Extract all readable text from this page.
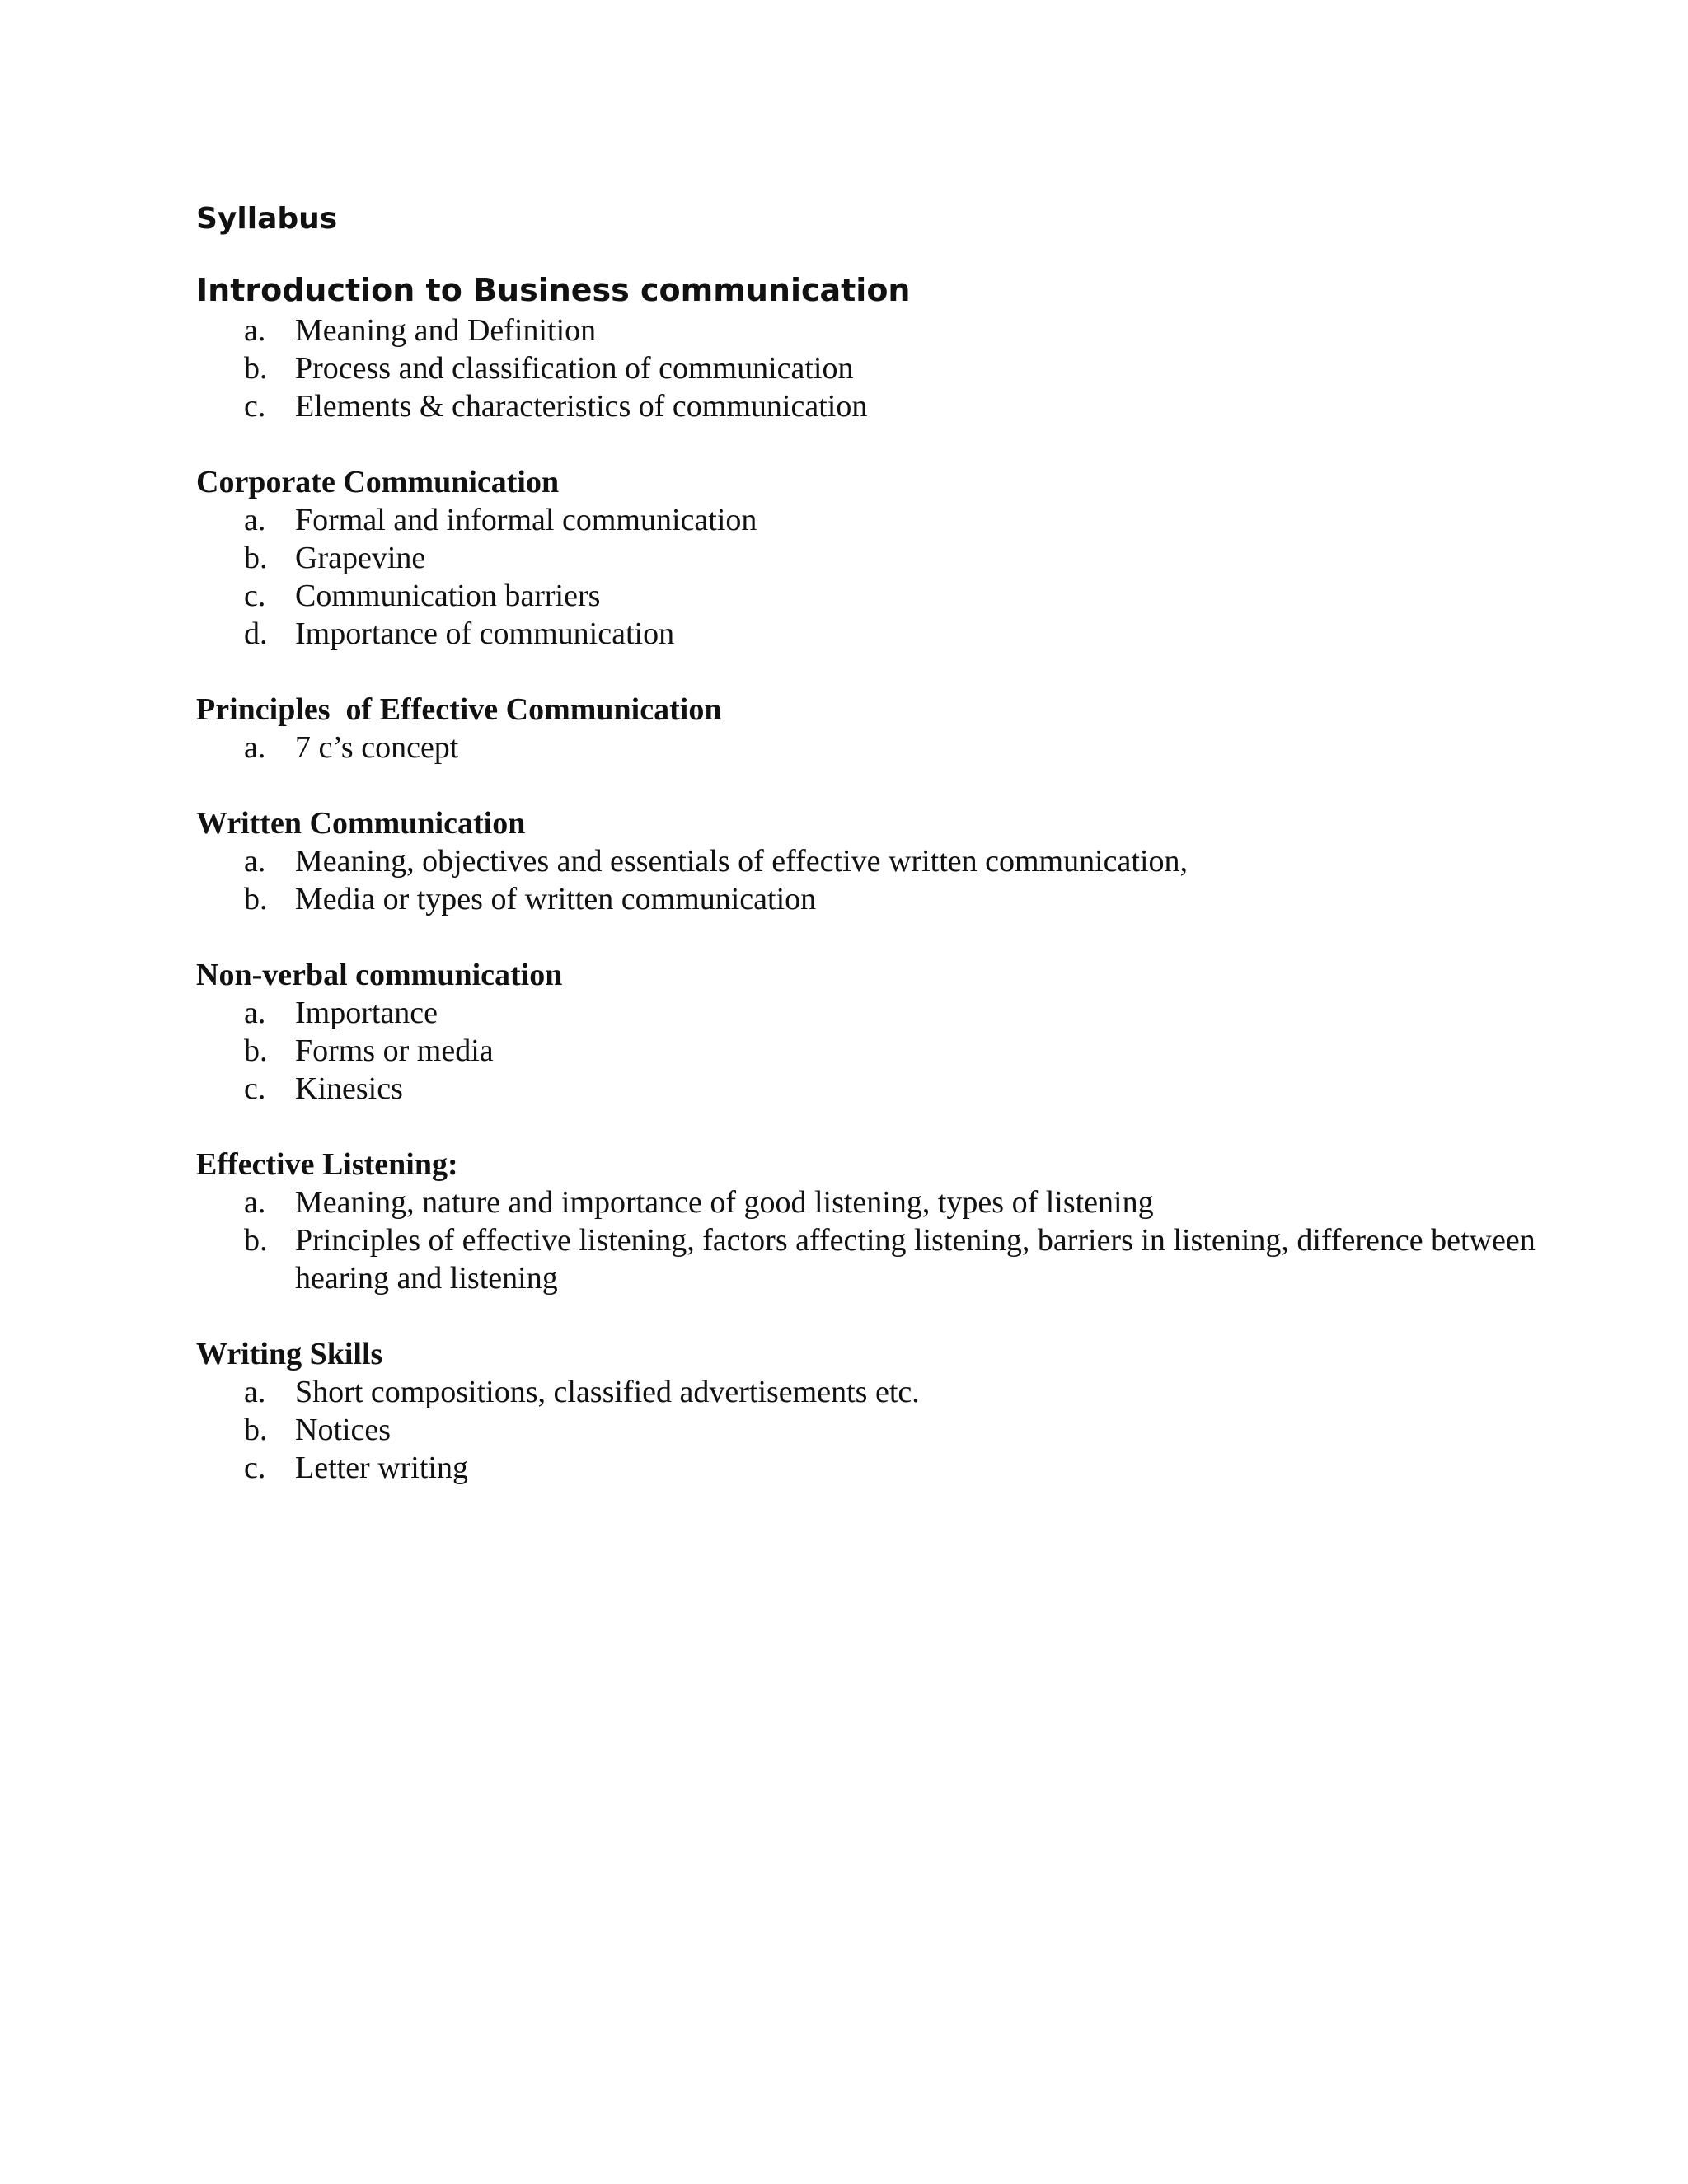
Syllabus
Introduction to Business communication
a. Meaning and Definition
b. Process and classification of communication
c. Elements & characteristics of communication
Corporate Communication
a. Formal and informal communication
b. Grapevine
c. Communication barriers
d. Importance of communication
Principles  of Effective Communication
a. 7 c’s concept
Written Communication
a. Meaning, objectives and essentials of effective written communication,
b. Media or types of written communication
Non-verbal communication
a. Importance
b. Forms or media
c. Kinesics
Effective Listening:
a. Meaning, nature and importance of good listening, types of listening
b. Principles of effective listening, factors affecting listening, barriers in listening, difference between hearing and listening
Writing Skills
a. Short compositions, classified advertisements etc.
b. Notices
c. Letter writing
